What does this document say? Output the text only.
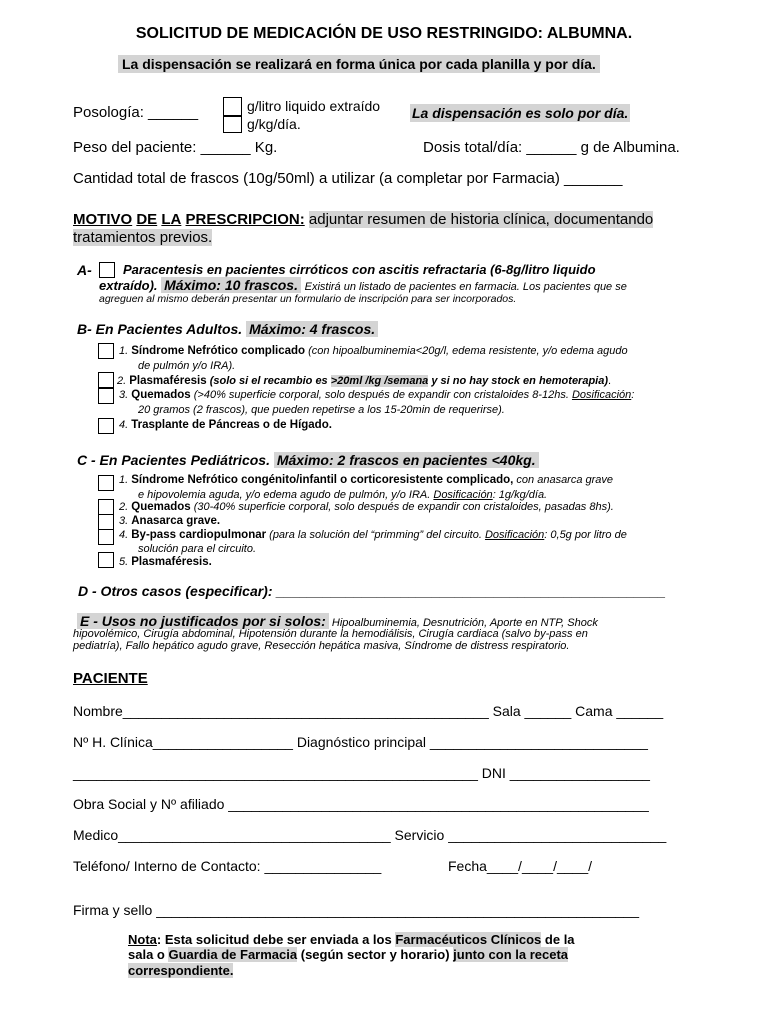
SOLICITUD DE MEDICACIÓN DE USO RESTRINGIDO: ALBUMNA.
La dispensación se realizará en forma única por cada planilla y por día.
Posología: ______	g/litro liquido extraído
g/kg/día.
La dispensación es solo por día.
Peso del paciente: ______ Kg.	Dosis total/día: ______ g de Albumina.
Cantidad total de frascos (10g/50ml) a utilizar (a completar por Farmacia) _______
MOTIVO DE LA PRESCRIPCION: adjuntar resumen de historia clínica, documentando
tratamientos previos.
A- Paracentesis en pacientes cirróticos con ascitis refractaria (6-8g/litro liquido
extraído). Máximo: 10 frascos. Existirá un listado de pacientes en farmacia. Los pacientes que se
agreguen al mismo deberán presentar un formulario de inscripción para ser incorporados.
B- En Pacientes Adultos. Máximo: 4 frascos.
1. Síndrome Nefrótico complicado (con hipoalbuminemia<20g/l, edema resistente, y/o edema agudo
de pulmón y/o IRA).
2. Plasmaféresis (solo si el recambio es >20ml /kg /semana y si no hay stock en hemoterapia).
3. Quemados (>40% superficie corporal, solo después de expandir con cristaloides 8-12hs. Dosificación:
20 gramos (2 frascos), que pueden repetirse a los 15-20min de requerirse).
4. Trasplante de Páncreas o de Hígado.
C - En Pacientes Pediátricos. Máximo: 2 frascos en pacientes <40kg.
1. Síndrome Nefrótico congénito/infantil o corticoresistente complicado, con anasarca grave
e hipovolemia aguda, y/o edema agudo de pulmón, y/o IRA. Dosificación: 1g/kg/día.
2. Quemados (30-40% superficie corporal, solo después de expandir con cristaloides, pasadas 8hs).
3. Anasarca grave.
4. By-pass cardiopulmonar (para la solución del “primming” del circuito. Dosificación: 0,5g por litro de
solución para el circuito.
5. Plasmaféresis.
D - Otros casos (especificar): __________________________________________________
E - Usos no justificados por si solos: Hipoalbuminemia, Desnutrición, Aporte en NTP, Shock
hipovolémico, Cirugía abdominal, Hipotensión durante la hemodiálisis, Cirugía cardiaca (salvo by-pass en
pediatría), Fallo hepático agudo grave, Resección hepática masiva, Síndrome de distress respiratorio.
PACIENTE
Nombre_______________________________________________ Sala ______ Cama ______
Nº H. Clínica__________________ Diagnóstico principal ____________________________
____________________________________________________ DNI __________________
Obra Social y Nº afiliado ______________________________________________________
Medico___________________________________ Servicio ____________________________
Teléfono/ Interno de Contacto: _______________	Fecha____/____/____/
Firma y sello ______________________________________________________________
Nota: Esta solicitud debe ser enviada a los Farmacéuticos Clínicos de la
sala o Guardia de Farmacia (según sector y horario) junto con la receta
correspondiente.
